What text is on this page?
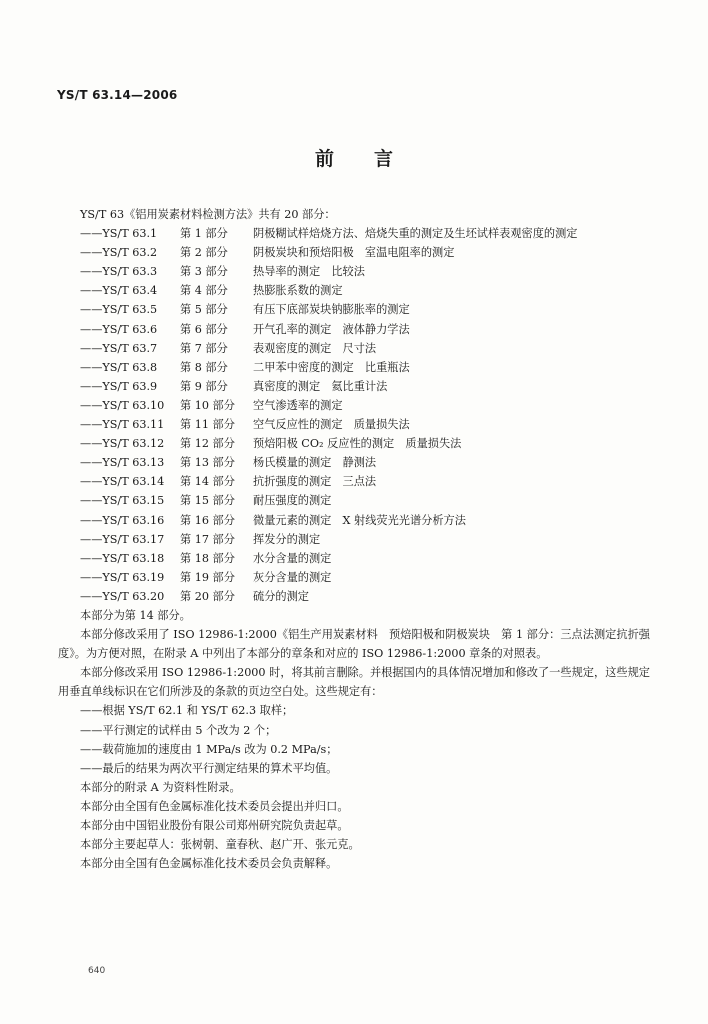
YS/T 63.14—2006
前言
YS/T 63《铝用炭素材料检测方法》共有 20 部分：
——YS/T 63.1	第 1 部分	阴极糊试样焙烧方法、焙烧失重的测定及生坯试样表观密度的测定
——YS/T 63.2	第 2 部分	阴极炭块和预焙阳极　室温电阻率的测定
——YS/T 63.3	第 3 部分	热导率的测定　比较法
——YS/T 63.4	第 4 部分	热膨胀系数的测定
——YS/T 63.5	第 5 部分	有压下底部炭块钠膨胀率的测定
——YS/T 63.6	第 6 部分	开气孔率的测定　液体静力学法
——YS/T 63.7	第 7 部分	表观密度的测定　尺寸法
——YS/T 63.8	第 8 部分	二甲苯中密度的测定　比重瓶法
——YS/T 63.9	第 9 部分	真密度的测定　氦比重计法
——YS/T 63.10	第 10 部分	空气渗透率的测定
——YS/T 63.11	第 11 部分	空气反应性的测定　质量损失法
——YS/T 63.12	第 12 部分	预焙阳极 CO₂ 反应性的测定　质量损失法
——YS/T 63.13	第 13 部分	杨氏模量的测定　静测法
——YS/T 63.14	第 14 部分	抗折强度的测定　三点法
——YS/T 63.15	第 15 部分	耐压强度的测定
——YS/T 63.16	第 16 部分	微量元素的测定　X 射线荧光光谱分析方法
——YS/T 63.17	第 17 部分	挥发分的测定
——YS/T 63.18	第 18 部分	水分含量的测定
——YS/T 63.19	第 19 部分	灰分含量的测定
——YS/T 63.20	第 20 部分	硫分的测定
本部分为第 14 部分。
本部分修改采用了 ISO 12986-1:2000《铝生产用炭素材料　预焙阳极和阴极炭块　第 1 部分：三点法测定抗折强度》。为方便对照，在附录 A 中列出了本部分的章条和对应的 ISO 12986-1:2000 章条的对照表。
本部分修改采用 ISO 12986-1:2000 时，将其前言删除。并根据国内的具体情况增加和修改了一些规定，这些规定用垂直单线标识在它们所涉及的条款的页边空白处。这些规定有：
——根据 YS/T 62.1 和 YS/T 62.3 取样；
——平行测定的试样由 5 个改为 2 个；
——载荷施加的速度由 1 MPa/s 改为 0.2 MPa/s；
——最后的结果为两次平行测定结果的算术平均值。
本部分的附录 A 为资料性附录。
本部分由全国有色金属标准化技术委员会提出并归口。
本部分由中国铝业股份有限公司郑州研究院负责起草。
本部分主要起草人：张树朝、童春秋、赵广开、张元克。
本部分由全国有色金属标准化技术委员会负责解释。
640
